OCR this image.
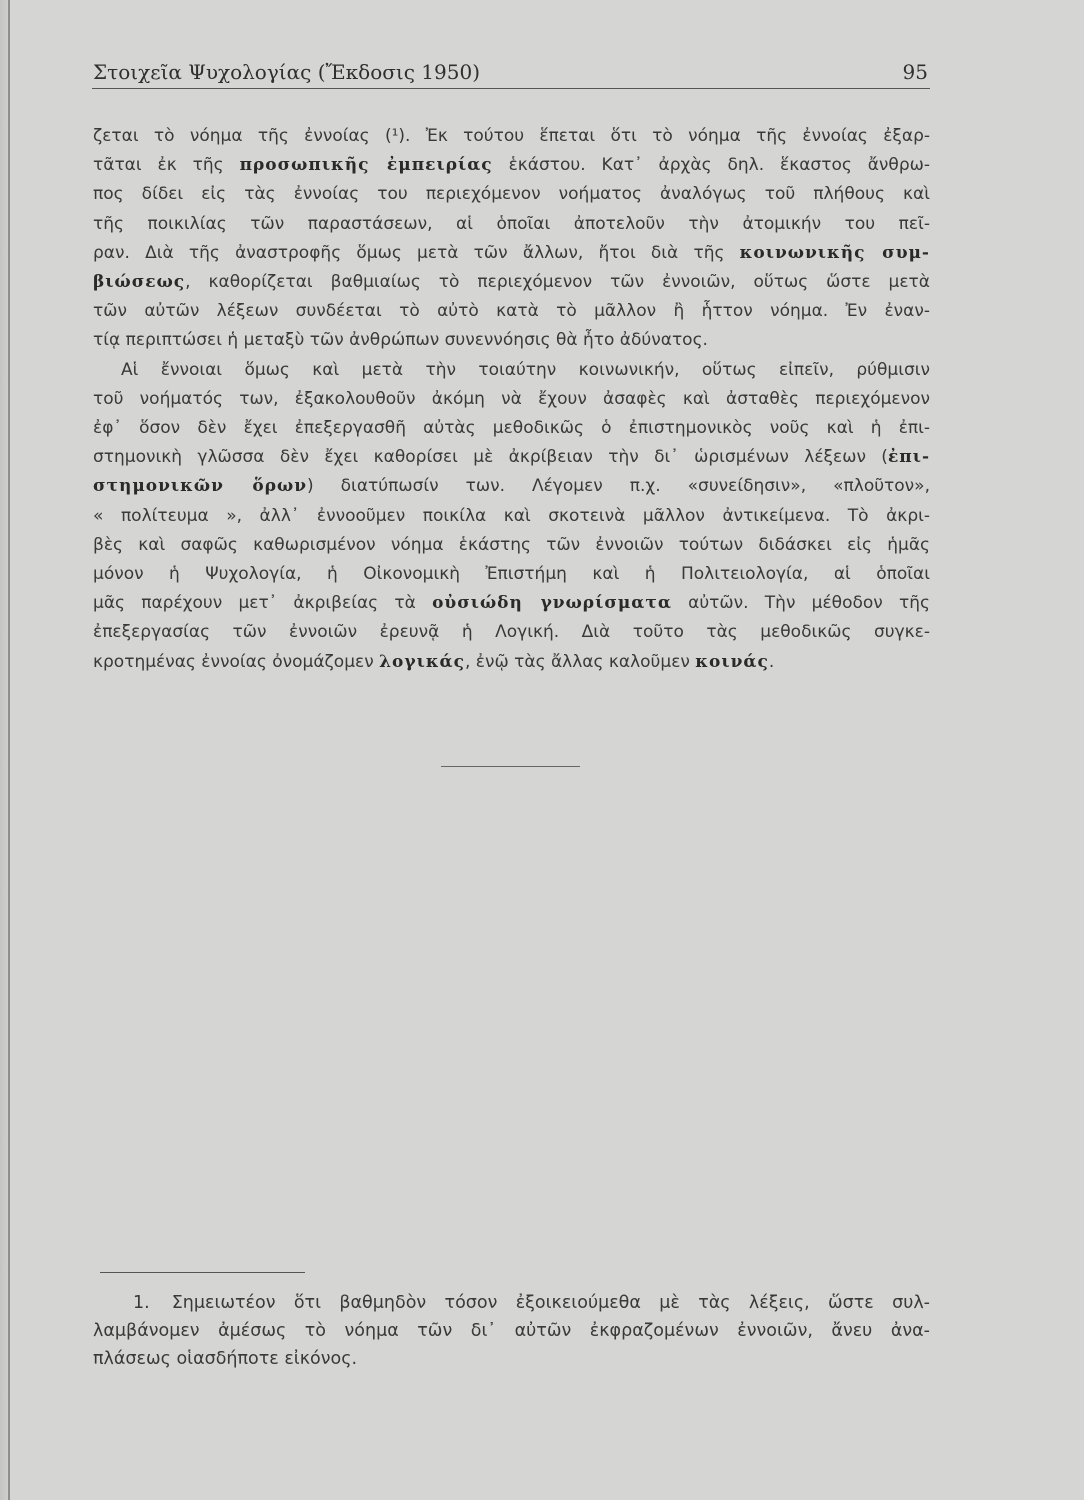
Στοιχεῖα Ψυχολογίας (Ἔκδοσις 1950)	95
ζεται τὸ νόημα τῆς ἐννοίας (¹). Ἐκ τούτου ἕπεται ὅτι τὸ νόημα τῆς ἐννοίας ἐξαρ-
τᾶται ἐκ τῆς προσωπικῆς ἐμπειρίας ἑκάστου. Κατ᾽ ἀρχὰς δηλ. ἕκαστος ἄνθρω-
πος δίδει εἰς τὰς ἐννοίας του περιεχόμενον νοήματος ἀναλόγως τοῦ πλήθους καὶ
τῆς ποικιλίας τῶν παραστάσεων, αἱ ὁποῖαι ἀποτελοῦν τὴν ἀτομικήν του πεῖ-
ραν. Διὰ τῆς ἀναστροφῆς ὅμως μετὰ τῶν ἄλλων, ἤτοι διὰ τῆς κοινωνικῆς συμ-
βιώσεως, καθορίζεται βαθμιαίως τὸ περιεχόμενον τῶν ἐννοιῶν, οὕτως ὥστε μετὰ
τῶν αὐτῶν λέξεων συνδέεται τὸ αὐτὸ κατὰ τὸ μᾶλλον ἢ ἧττον νόημα. Ἐν ἐναν-
τίᾳ περιπτώσει ἡ μεταξὺ τῶν ἀνθρώπων συνεννόησις θὰ ἦτο ἀδύνατος.
Αἱ ἔννοιαι ὅμως καὶ μετὰ τὴν τοιαύτην κοινωνικήν, οὕτως εἰπεῖν, ρύθμισιν
τοῦ νοήματός των, ἐξακολουθοῦν ἀκόμη νὰ ἔχουν ἀσαφὲς καὶ ἀσταθὲς περιεχόμενον
ἐφ᾽ ὅσον δὲν ἔχει ἐπεξεργασθῆ αὐτὰς μεθοδικῶς ὁ ἐπιστημονικὸς νοῦς καὶ ἡ ἐπι-
στημονικὴ γλῶσσα δὲν ἔχει καθορίσει μὲ ἀκρίβειαν τὴν δι᾽ ὡρισμένων λέξεων (ἐπι-
στημονικῶν ὅρων) διατύπωσίν των. Λέγομεν π.χ. «συνείδησιν», «πλοῦτον»,
« πολίτευμα », ἀλλ᾽ ἐννοοῦμεν ποικίλα καὶ σκοτεινὰ μᾶλλον ἀντικείμενα. Τὸ ἀκρι-
βὲς καὶ σαφῶς καθωρισμένον νόημα ἑκάστης τῶν ἐννοιῶν τούτων διδάσκει εἰς ἡμᾶς
μόνον ἡ Ψυχολογία, ἡ Οἰκονομικὴ Ἐπιστήμη καὶ ἡ Πολιτειολογία, αἱ ὁποῖαι
μᾶς παρέχουν μετ᾽ ἀκριβείας τὰ οὐσιώδη γνωρίσματα αὐτῶν. Τὴν μέθοδον τῆς
ἐπεξεργασίας τῶν ἐννοιῶν ἐρευνᾷ ἡ Λογική. Διὰ τοῦτο τὰς μεθοδικῶς συγκε-
κροτημένας ἐννοίας ὀνομάζομεν λογικάς, ἐνῷ τὰς ἄλλας καλοῦμεν κοινάς.
1. Σημειωτέον ὅτι βαθμηδὸν τόσον ἐξοικειούμεθα μὲ τὰς λέξεις, ὥστε συλ-
λαμβάνομεν ἀμέσως τὸ νόημα τῶν δι᾽ αὐτῶν ἐκφραζομένων ἐννοιῶν, ἄνευ ἀνα-
πλάσεως οἱασδήποτε εἰκόνος.
